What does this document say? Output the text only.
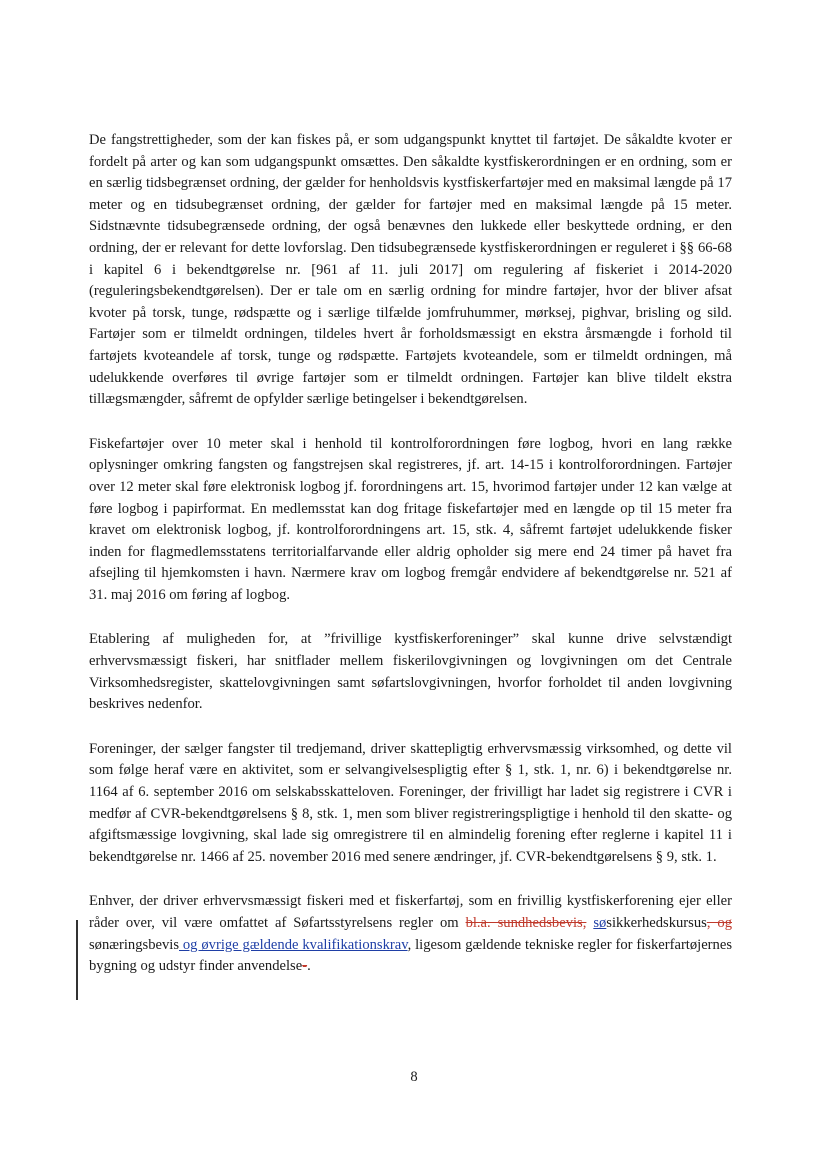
De fangstrettigheder, som der kan fiskes på, er som udgangspunkt knyttet til fartøjet. De såkaldte kvoter er fordelt på arter og kan som udgangspunkt omsættes. Den såkaldte kystfiskerordningen er en ordning, som er en særlig tidsbegrænset ordning, der gælder for henholdsvis kystfiskerfartøjer med en maksimal længde på 17 meter og en tidsubegrænset ordning, der gælder for fartøjer med en maksimal længde på 15 meter. Sidstnævnte tidsubegrænsede ordning, der også benævnes den lukkede eller beskyttede ordning, er den ordning, der er relevant for dette lovforslag. Den tidsubegrænsede kystfiskerordningen er reguleret i §§ 66-68 i kapitel 6 i bekendtgørelse nr. [961 af 11. juli 2017] om regulering af fiskeriet i 2014-2020 (reguleringsbekendtgørelsen). Der er tale om en særlig ordning for mindre fartøjer, hvor der bliver afsat kvoter på torsk, tunge, rødspætte og i særlige tilfælde jomfruhummer, mørksej, pighvar, brisling og sild. Fartøjer som er tilmeldt ordningen, tildeles hvert år forholdsmæssigt en ekstra årsmængde i forhold til fartøjets kvoteandele af torsk, tunge og rødspætte. Fartøjets kvoteandele, som er tilmeldt ordningen, må udelukkende overføres til øvrige fartøjer som er tilmeldt ordningen. Fartøjer kan blive tildelt ekstra tillægsmængder, såfremt de opfylder særlige betingelser i bekendtgørelsen.

Fiskefartøjer over 10 meter skal i henhold til kontrolforordningen føre logbog, hvori en lang række oplysninger omkring fangsten og fangstrejsen skal registreres, jf. art. 14-15 i kontrolforordningen. Fartøjer over 12 meter skal føre elektronisk logbog jf. forordningens art. 15, hvorimod fartøjer under 12 kan vælge at føre logbog i papirformat. En medlemsstat kan dog fritage fiskefartøjer med en længde op til 15 meter fra kravet om elektronisk logbog, jf. kontrolforordningens art. 15, stk. 4, såfremt fartøjet udelukkende fisker inden for flagmedlemsstatens territorialfarvande eller aldrig opholder sig mere end 24 timer på havet fra afsejling til hjemkomsten i havn. Nærmere krav om logbog fremgår endvidere af bekendtgørelse nr. 521 af 31. maj 2016 om føring af logbog.

Etablering af muligheden for, at ”frivillige kystfiskerforeninger” skal kunne drive selvstændigt erhvervsmæssigt fiskeri, har snitflader mellem fiskerilovgivningen og lovgivningen om det Centrale Virksomhedsregister, skattelovgivningen samt søfartslovgivningen, hvorfor forholdet til anden lovgivning beskrives nedenfor.

Foreninger, der sælger fangster til tredjemand, driver skattepligtig erhvervsmæssig virksomhed, og dette vil som følge heraf være en aktivitet, som er selvangivelsespligtig efter § 1, stk. 1, nr. 6) i bekendtgørelse nr. 1164 af 6. september 2016 om selskabsskatteloven. Foreninger, der frivilligt har ladet sig registrere i CVR i medfør af CVR-bekendtgørelsens § 8, stk. 1, men som bliver registreringspligtige i henhold til den skatte- og afgiftsmæssige lovgivning, skal lade sig omregistrere til en almindelig forening efter reglerne i kapitel 11 i bekendtgørelse nr. 1466 af 25. november 2016 med senere ændringer, jf. CVR-bekendtgørelsens § 9, stk. 1.

Enhver, der driver erhvervsmæssigt fiskeri med et fiskerfartøj, som en frivillig kystfiskerforening ejer eller råder over, vil være omfattet af Søfartsstyrelsens regler om bl.a. sundhedsbevis, søsikkerhedskursus, og sønæringsbevis og øvrige gældende kvalifikationskrav, ligesom gældende tekniske regler for fiskerfartøjernes bygning og udstyr finder anvendelse-.

8
